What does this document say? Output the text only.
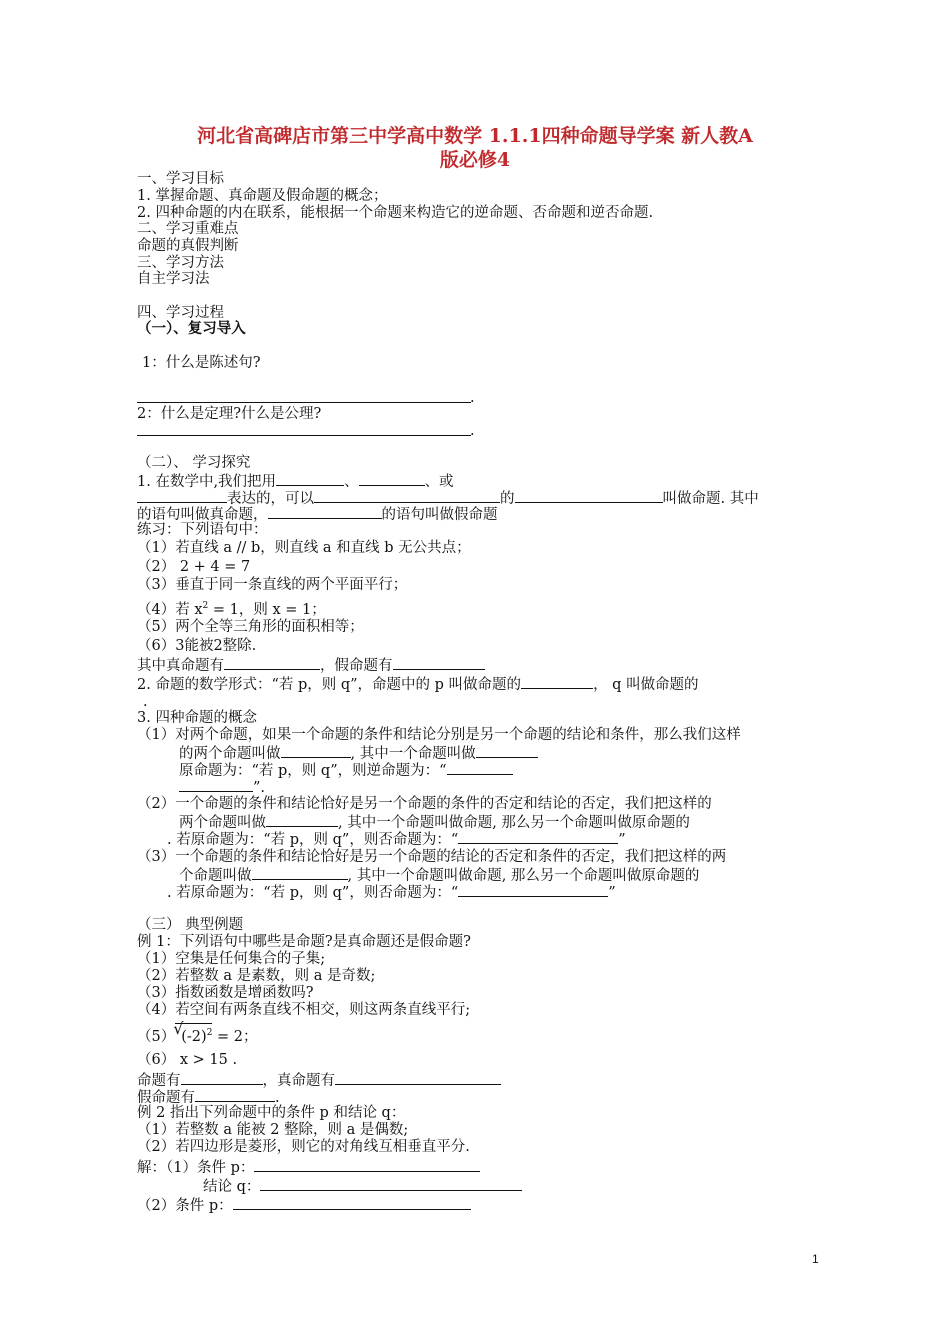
河北省高碑店市第三中学高中数学 1.1.1四种命题导学案 新人教A
版必修4
一、学习目标
1. 掌握命题、真命题及假命题的概念；
2. 四种命题的内在联系，能根据一个命题来构造它的逆命题、否命题和逆否命题.
二、学习重难点
命题的真假判断
三、学习方法
自主学习法
四、学习过程
（一）、复习导入
1：什么是陈述句?
.
2：什么是定理?什么是公理?
.
（二）、 学习探究
1. 在数学中,我们把用	、	、或
表达的，可以	的	叫做命题. 其中
的语句叫做真命题，	的语句叫做假命题
练习：下列语句中：
（1）若直线 a // b，则直线 a 和直线 b 无公共点；
（2） 2 + 4 = 7
（3）垂直于同一条直线的两个平面平行；
（4）若 $x^2 = 1$，则 x = 1；
（5）两个全等三角形的面积相等；
（6）3能被2整除.
其中真命题有	，假命题有
2. 命题的数学形式：“若 p，则 q”，命题中的 p 叫做命题的	， q 叫做命题的
.
3. 四种命题的概念
（1）对两个命题，如果一个命题的条件和结论分别是另一个命题的结论和条件，那么我们这样
的两个命题叫做	, 其中一个命题叫做
原命题为：“若 p，则 q”，则逆命题为：“
”.
（2）一个命题的条件和结论恰好是另一个命题的条件的否定和结论的否定，我们把这样的
两个命题叫做	, 其中一个命题叫做命题, 那么另一个命题叫做原命题的
. 若原命题为：“若 p，则 q”，则否命题为：“	”
（3）一个命题的条件和结论恰好是另一个命题的结论的否定和条件的否定，我们把这样的两
个命题叫做	, 其中一个命题叫做命题, 那么另一个命题叫做原命题的
. 若原命题为：“若 p，则 q”，则否命题为：“	”
（三） 典型例题
例 1：下列语句中哪些是命题?是真命题还是假命题?
（1）空集是任何集合的子集;
（2）若整数 a 是素数，则 a 是奇数;
（3）指数函数是增函数吗?
（4）若空间有两条直线不相交，则这两条直线平行;
（5）
√
$(-2)^2 = 2$；
（6） x > 15 .
命题有	，真命题有
假命题有	.
例 2 指出下列命题中的条件 p 和结论 q：
（1）若整数 a 能被 2 整除，则 a 是偶数;
（2）若四边形是菱形，则它的对角线互相垂直平分.
解：（1）条件 p：
结论 q：
（2）条件 p：
1
